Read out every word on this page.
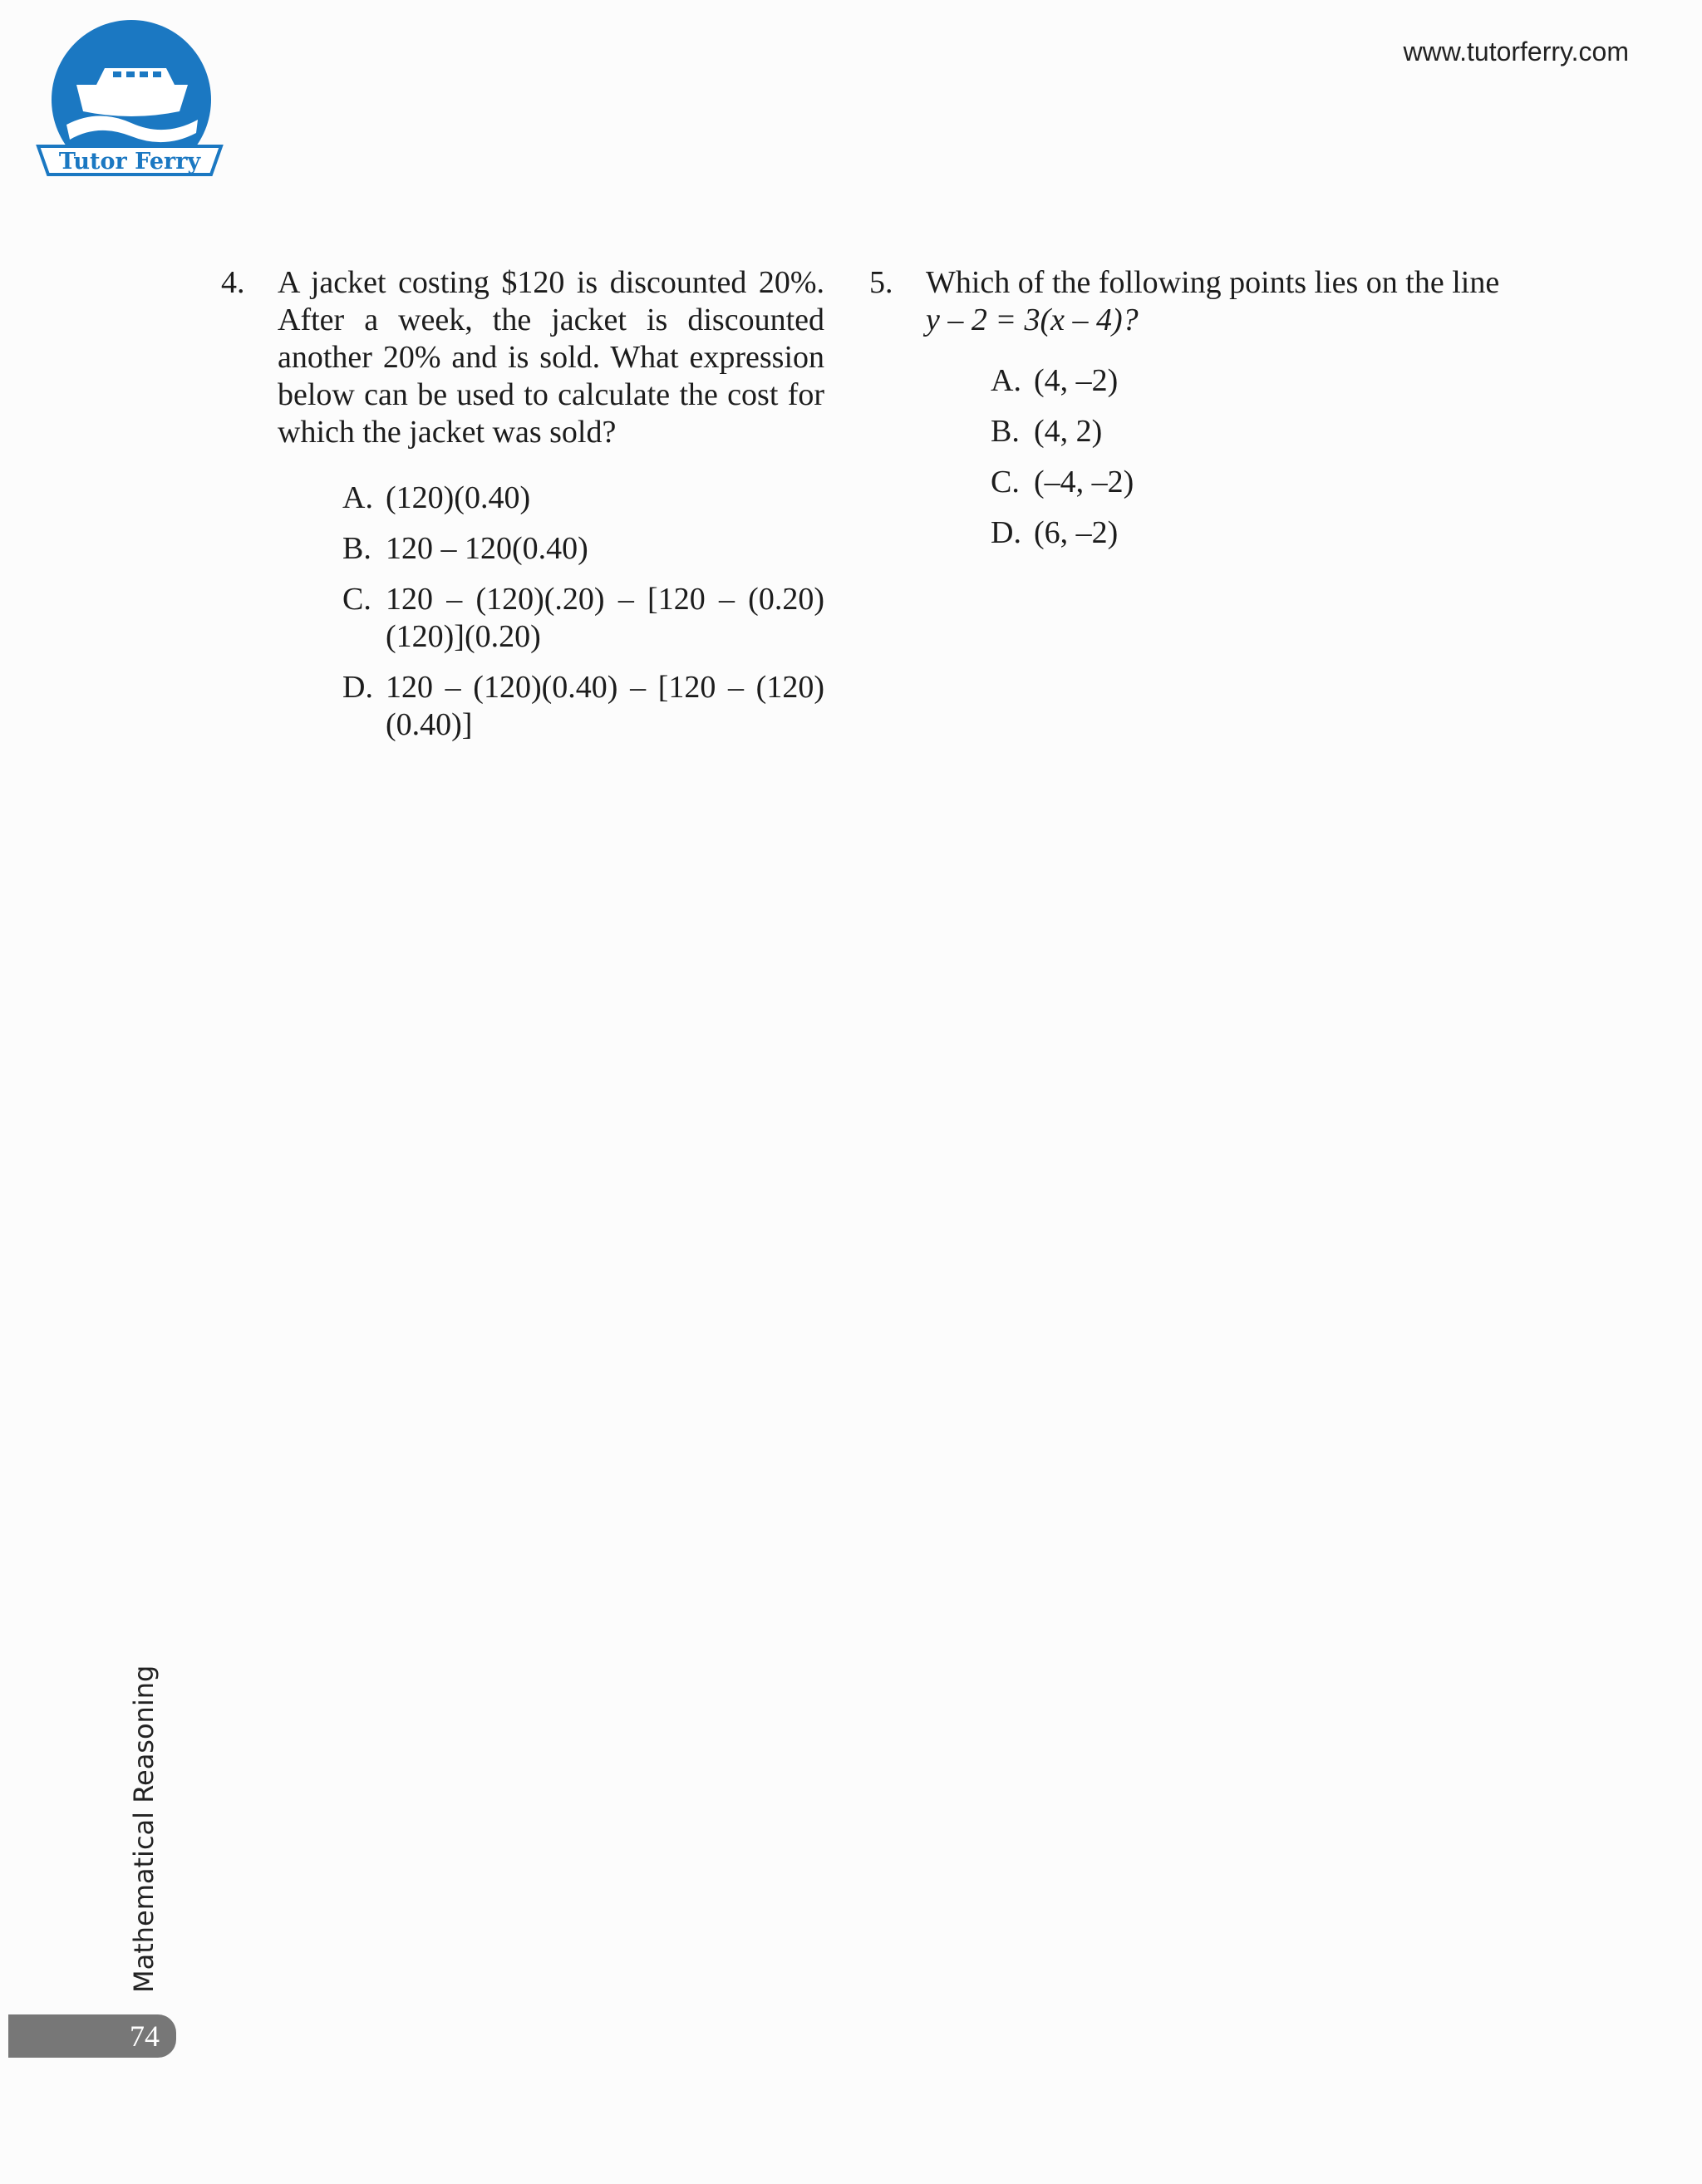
Tutor Ferry
www.tutorferry.com
4. A jacket costing $120 is discounted 20%. After a week, the jacket is discounted another 20% and is sold. What expression below can be used to calculate the cost for which the jacket was sold?
A. (120)(0.40)
B. 120 – 120(0.40)
C. 120 – (120)(.20) – [120 – (0.20)(120)](0.20)
D. 120 – (120)(0.40) – [120 – (120)(0.40)]
5. Which of the following points lies on the line
y – 2 = 3(x – 4)?
A. (4, –2)
B. (4, 2)
C. (–4, –2)
D. (6, –2)
Mathematical Reasoning
74
